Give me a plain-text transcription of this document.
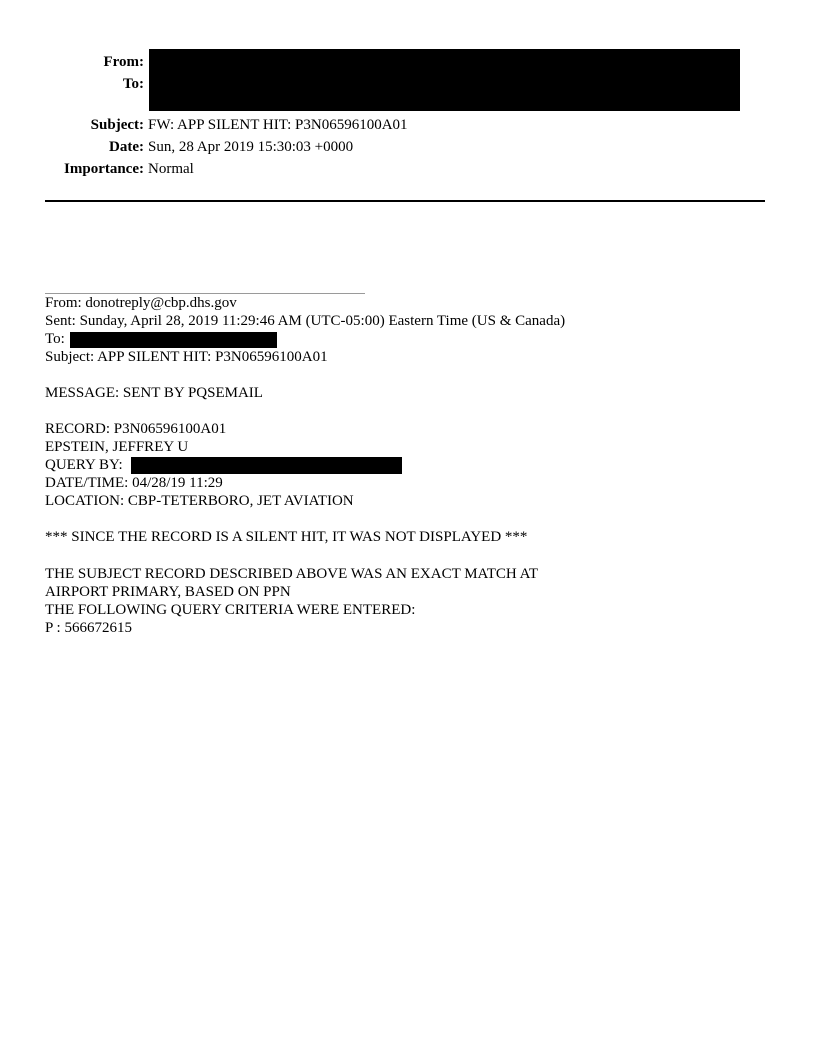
From:
To:
Subject: FW: APP SILENT HIT: P3N06596100A01
Date: Sun, 28 Apr 2019 15:30:03 +0000
Importance: Normal
From: donotreply@cbp.dhs.gov
Sent: Sunday, April 28, 2019 11:29:46 AM (UTC-05:00) Eastern Time (US & Canada)
To:
Subject: APP SILENT HIT: P3N06596100A01
MESSAGE: SENT BY PQSEMAIL
RECORD: P3N06596100A01
EPSTEIN, JEFFREY U
QUERY BY:
DATE/TIME: 04/28/19 11:29
LOCATION: CBP-TETERBORO, JET AVIATION
*** SINCE THE RECORD IS A SILENT HIT, IT WAS NOT DISPLAYED ***
THE SUBJECT RECORD DESCRIBED ABOVE WAS AN EXACT MATCH AT
AIRPORT PRIMARY, BASED ON PPN
THE FOLLOWING QUERY CRITERIA WERE ENTERED:
P : 566672615
